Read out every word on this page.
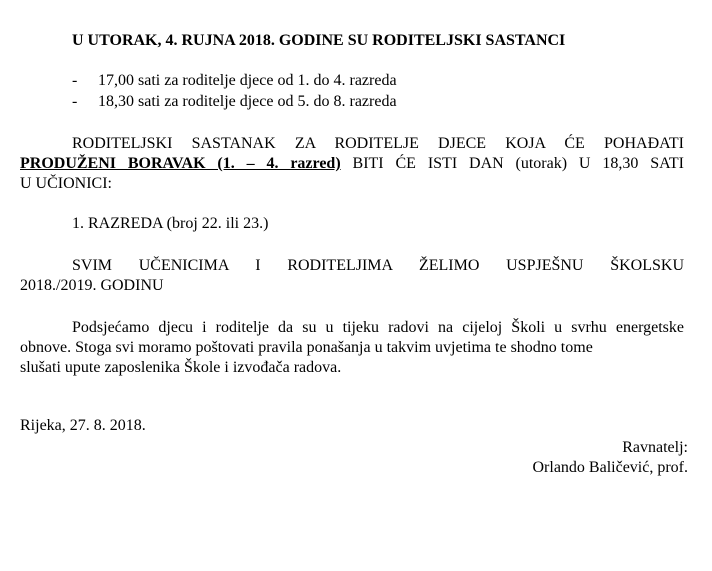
U UTORAK, 4. RUJNA 2018. GODINE SU RODITELJSKI SASTANCI
- 17,00 sati za roditelje djece od 1. do 4. razreda
- 18,30 sati za roditelje djece od 5. do 8. razreda
RODITELJSKI SASTANAK ZA RODITELJE DJECE KOJA ĆE POHAĐATI
PRODUŽENI BORAVAK (1. – 4. razred) BITI ĆE ISTI DAN (utorak) U 18,30 SATI
U UČIONICI:
1. RAZREDA (broj 22. ili 23.)
SVIM UČENICIMA I RODITELJIMA ŽELIMO USPJEŠNU ŠKOLSKU
2018./2019. GODINU
Podsjećamo djecu i roditelje da su u tijeku radovi na cijeloj Školi u svrhu energetske
obnove. Stoga svi moramo poštovati pravila ponašanja u takvim uvjetima te shodno tome
slušati upute zaposlenika Škole i izvođača radova.
Rijeka, 27. 8. 2018.
Ravnatelj:
Orlando Baličević, prof.
